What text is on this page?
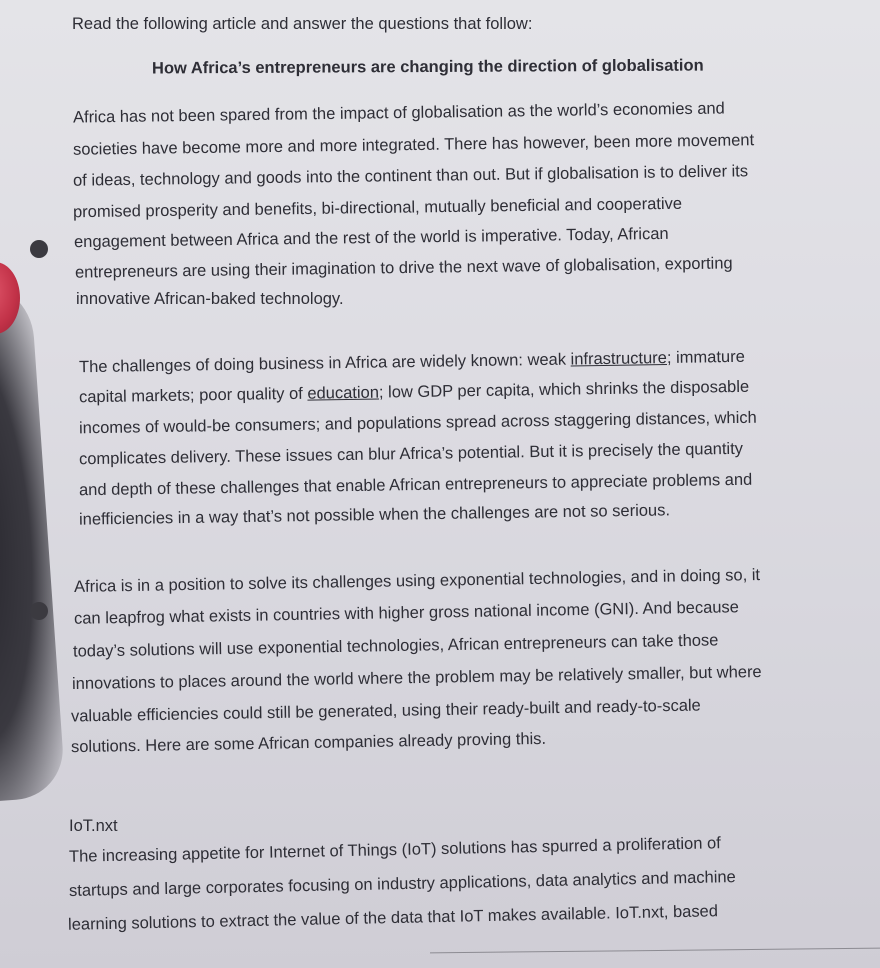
Read the following article and answer the questions that follow:
How Africa’s entrepreneurs are changing the direction of globalisation
Africa has not been spared from the impact of globalisation as the world’s economies and
societies have become more and more integrated. There has however, been more movement
of ideas, technology and goods into the continent than out. But if globalisation is to deliver its
promised prosperity and benefits, bi-directional, mutually beneficial and cooperative
engagement between Africa and the rest of the world is imperative. Today, African
entrepreneurs are using their imagination to drive the next wave of globalisation, exporting
innovative African-baked technology.
The challenges of doing business in Africa are widely known: weak infrastructure; immature
capital markets; poor quality of education; low GDP per capita, which shrinks the disposable
incomes of would-be consumers; and populations spread across staggering distances, which
complicates delivery. These issues can blur Africa’s potential. But it is precisely the quantity
and depth of these challenges that enable African entrepreneurs to appreciate problems and
inefficiencies in a way that’s not possible when the challenges are not so serious.
Africa is in a position to solve its challenges using exponential technologies, and in doing so, it
can leapfrog what exists in countries with higher gross national income (GNI). And because
today’s solutions will use exponential technologies, African entrepreneurs can take those
innovations to places around the world where the problem may be relatively smaller, but where
valuable efficiencies could still be generated, using their ready-built and ready-to-scale
solutions. Here are some African companies already proving this.
IoT.nxt
The increasing appetite for Internet of Things (IoT) solutions has spurred a proliferation of
startups and large corporates focusing on industry applications, data analytics and machine
learning solutions to extract the value of the data that IoT makes available. IoT.nxt, based
